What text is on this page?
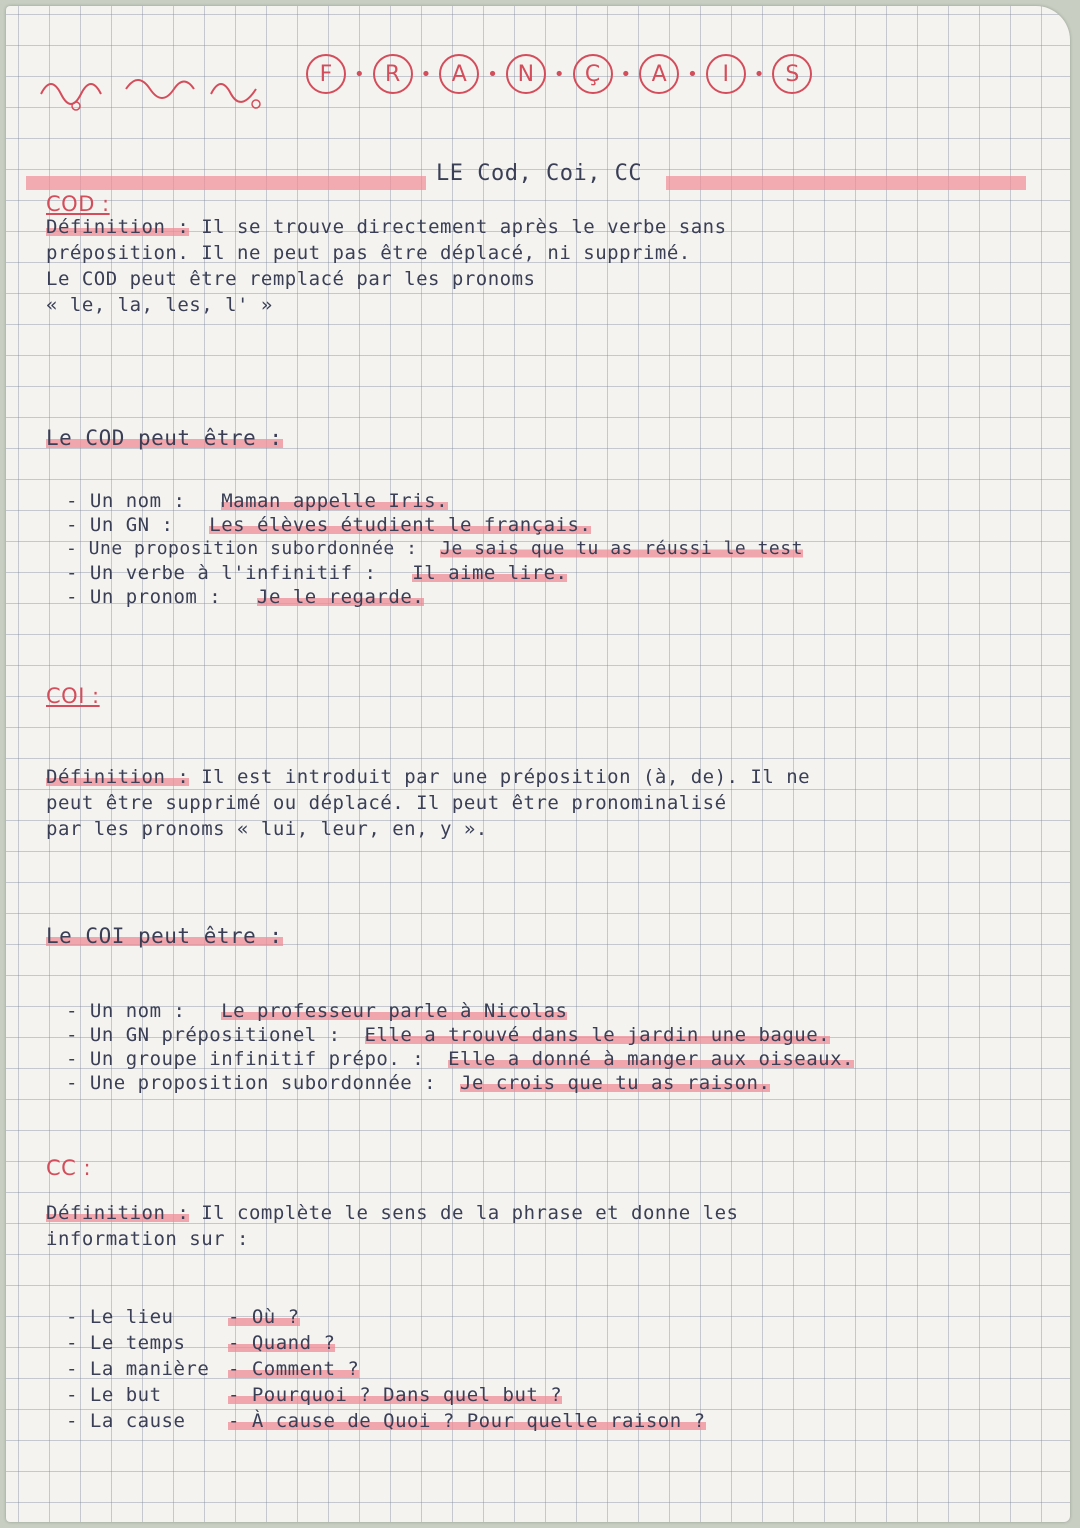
F	• R	• A	• N	• Ç	• A	•	I	• S
LE Cod, Coi, CC
COD :
Définition : Il se trouve directement après le verbe sans
préposition. Il ne peut pas être déplacé, ni supprimé.
Le COD peut être remplacé par les pronoms
« le, la, les, l' »
Le COD peut être :
- Un nom : Maman appelle Iris.
- Un GN : Les élèves étudient le français.
- Une proposition subordonnée : Je sais que tu as réussi le test
- Un verbe à l'infinitif : Il aime lire.
- Un pronom : Je le regarde.
COI :
Définition : Il est introduit par une préposition (à, de). Il ne
peut être supprimé ou déplacé. Il peut être pronominalisé
par les pronoms « lui, leur, en, y ».
Le COI peut être :
- Un nom : Le professeur parle à Nicolas
- Un GN prépositionel : Elle a trouvé dans le jardin une bague.
- Un groupe infinitif prépo. : Elle a donné à manger aux oiseaux.
- Une proposition subordonnée : Je crois que tu as raison.
CC :
Définition : Il complète le sens de la phrase et donne les
information sur :
- Le lieu	- Où ?
- Le temps - Quand ?
- La manière - Comment ?
- Le but	- Pourquoi ? Dans quel but ?
- La cause - À cause de Quoi ? Pour quelle raison ?
